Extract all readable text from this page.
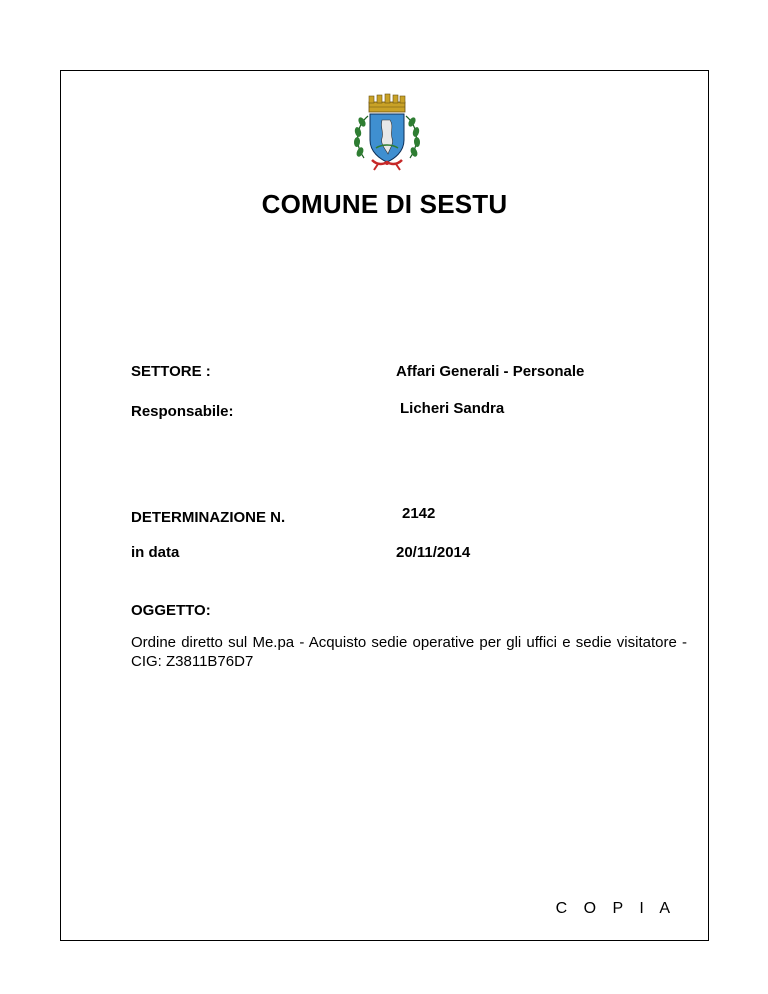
COMUNE DI SESTU
SETTORE :	Affari Generali - Personale
Responsabile:	Licheri Sandra
DETERMINAZIONE N.	2142
in data	20/11/2014
OGGETTO:
Ordine diretto sul Me.pa - Acquisto sedie operative per gli uffici e sedie visitatore -CIG: Z3811B76D7
C O P I A
